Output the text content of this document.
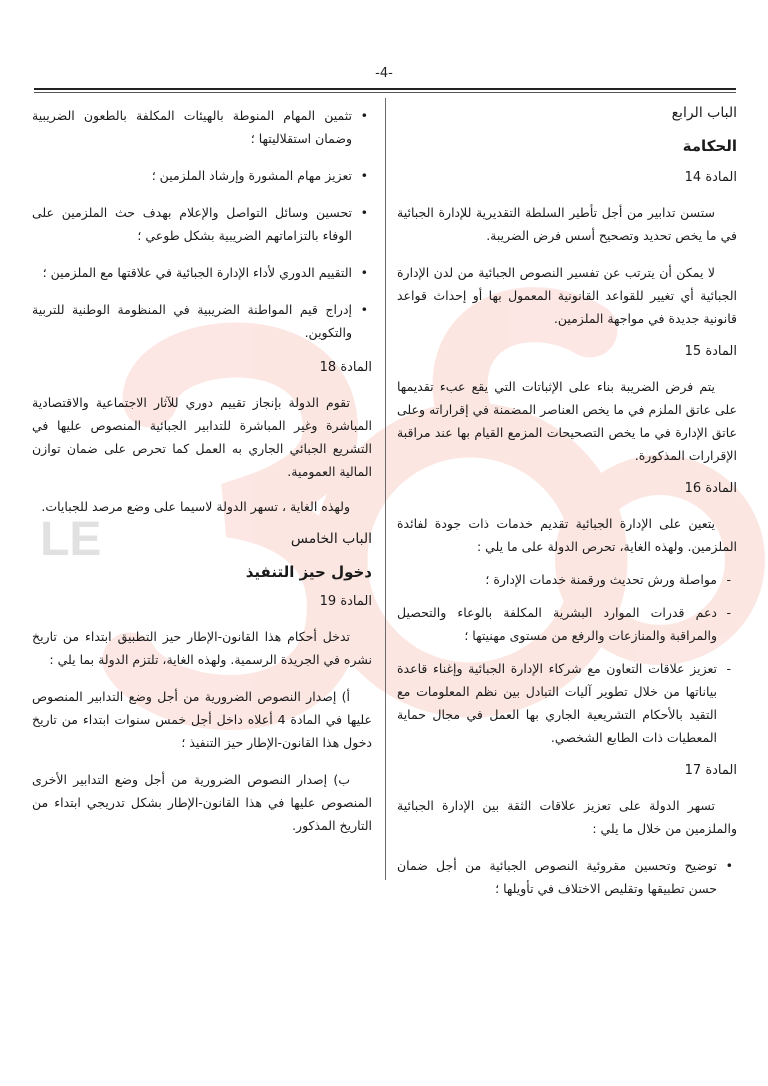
LE
-4-

الباب الرابع

الحكامة

المادة 14

ستسن تدابير من أجل تأطير السلطة التقديرية للإدارة الجبائية في ما يخص تحديد وتصحيح أسس فرض الضريبة.

لا يمكن أن يترتب عن تفسير النصوص الجبائية من لدن الإدارة الجبائية أي تغيير للقواعد القانونية المعمول بها أو إحداث قواعد قانونية جديدة في مواجهة الملزمين.

المادة 15

يتم فرض الضريبة بناء على الإثباتات التي يقع عبء تقديمها على عاتق الملزم في ما يخص العناصر المضمنة في إقراراته وعلى عاتق الإدارة في ما يخص التصحيحات المزمع القيام بها عند مراقبة الإقرارات المذكورة.

المادة 16

يتعين على الإدارة الجبائية تقديم خدمات ذات جودة لفائدة الملزمين. ولهذه الغاية، تحرص الدولة على ما يلي :

- مواصلة ورش تحديث ورقمنة خدمات الإدارة ؛
- دعم قدرات الموارد البشرية المكلفة بالوعاء والتحصيل والمراقبة والمنازعات والرفع من مستوى مهنيتها ؛
- تعزيز علاقات التعاون مع شركاء الإدارة الجبائية وإغناء قاعدة بياناتها من خلال تطوير آليات التبادل بين نظم المعلومات مع التقيد بالأحكام التشريعية الجاري بها العمل في مجال حماية المعطيات ذات الطابع الشخصي.

المادة 17

تسهر الدولة على تعزيز علاقات الثقة بين الإدارة الجبائية والملزمين من خلال ما يلي :

• توضيح وتحسين مقروئية النصوص الجبائية من أجل ضمان حسن تطبيقها وتقليص الاختلاف في تأويلها ؛
• تثمين المهام المنوطة بالهيئات المكلفة بالطعون الضريبية وضمان استقلاليتها ؛
• تعزيز مهام المشورة وإرشاد الملزمين ؛
• تحسين وسائل التواصل والإعلام بهدف حث الملزمين على الوفاء بالتزاماتهم الضريبية بشكل طوعي ؛
• التقييم الدوري لأداء الإدارة الجبائية في علاقتها مع الملزمين ؛
• إدراج قيم المواطنة الضريبية في المنظومة الوطنية للتربية والتكوين.

المادة 18

تقوم الدولة بإنجاز تقييم دوري للآثار الاجتماعية والاقتصادية المباشرة وغير المباشرة للتدابير الجبائية المنصوص عليها في التشريع الجبائي الجاري به العمل كما تحرص على ضمان توازن المالية العمومية.

ولهذه الغاية ، تسهر الدولة لاسيما على وضع مرصد للجبايات.

الباب الخامس

دخول حيز التنفيذ

المادة 19

تدخل أحكام هذا القانون-الإطار حيز التطبيق ابتداء من تاريخ نشره في الجريدة الرسمية. ولهذه الغاية، تلتزم الدولة بما يلي :

أ) إصدار النصوص الضرورية من أجل وضع التدابير المنصوص عليها في المادة 4 أعلاه داخل أجل خمس سنوات ابتداء من تاريخ دخول هذا القانون-الإطار حيز التنفيذ ؛

ب) إصدار النصوص الضرورية من أجل وضع التدابير الأخرى المنصوص عليها في هذا القانون-الإطار بشكل تدريجي ابتداء من التاريخ المذكور.
